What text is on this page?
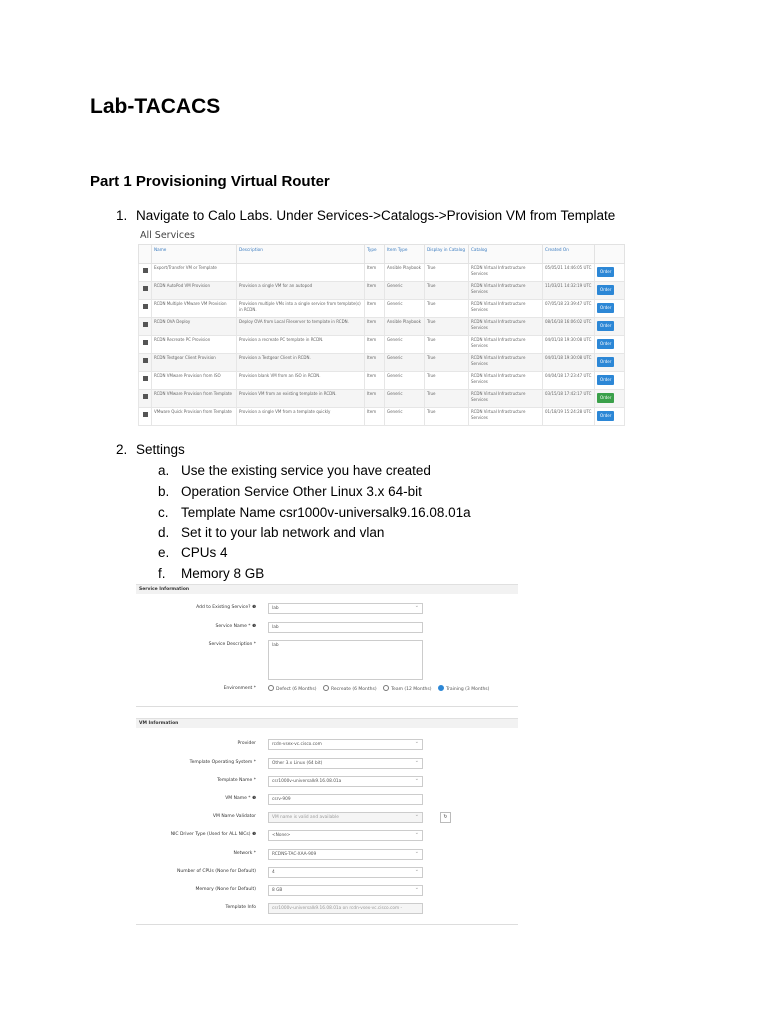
Lab-TACACS
Part 1 Provisioning Virtual Router
1. Navigate to Calo Labs. Under Services->Catalogs->Provision VM from Template
All Services
	Name	Description	Type	Item Type	Display in Catalog	Catalog	Created On	
	Export/Transfer VM or Template		Item	Ansible Playbook	True	RCDN Virtual Infrastructure Services	05/05/21 14:46:05 UTC	Order
	RCDN AutoPod VM Provision	Provision a single VM for an autopod	Item	Generic	True	RCDN Virtual Infrastructure Services	11/03/21 14:32:19 UTC	Order
	RCDN Multiple VMware VM Provision	Provision multiple VMs into a single service from template(s) in RCDN.	Item	Generic	True	RCDN Virtual Infrastructure Services	07/05/18 23:39:47 UTC	Order
	RCDN OVA Deploy	Deploy OVA from Local Fileserver to template in RCDN.	Item	Ansible Playbook	True	RCDN Virtual Infrastructure Services	08/16/18 16:06:02 UTC	Order
	RCDN Recreate PC Provision	Provision a recreate PC template in RCDN.	Item	Generic	True	RCDN Virtual Infrastructure Services	04/01/18 19:30:08 UTC	Order
	RCDN Testgear Client Provision	Provision a Testgear Client in RCDN.	Item	Generic	True	RCDN Virtual Infrastructure Services	04/01/18 19:30:08 UTC	Order
	RCDN VMware Provision from ISO	Provision blank VM from an ISO in RCDN.	Item	Generic	True	RCDN Virtual Infrastructure Services	04/04/18 17:23:47 UTC	Order
	RCDN VMware Provision from Template	Provision VM from an existing template in RCDN.	Item	Generic	True	RCDN Virtual Infrastructure Services	03/15/18 17:42:17 UTC	Order
	VMware Quick Provision from Template	Provision a single VM from a template quickly	Item	Generic	True	RCDN Virtual Infrastructure Services	01/18/19 15:24:28 UTC	Order
2. Settings
a. Use the existing service you have created
b. Operation Service Other Linux 3.x 64-bit
c. Template Name csr1000v-universalk9.16.08.01a
d. Set it to your lab network and vlan
e. CPUs 4
f. Memory 8 GB
Service Information
Add to Existing Service? ❶	lab ⌄
Service Name * ❶	lab
Service Description *	lab
Environment *	Defect (6 Months)	Recreate (6 Months)	Team (12 Months)	Training (3 Months)
VM Information
Provider	rcdn-vsex-vc.cisco.com ⌄
Template Operating System *	Other 3.x Linux (64 bit) ⌄
Template Name *	csr1000v-universalk9.16.08.01a ⌄
VM Name * ❶	csrv-909
VM Name Validator	VM name is valid and available ⌄	↻
NIC Driver Type (Used for ALL NICs) ❶	<None> ⌄
Network *	RCDNS-TAC-XAA-909 ⌄
Number of CPUs (None for Default)	4 ⌄
Memory (None for Default)	8 GB ⌄
Template Info	csr1000v-universalk9.16.08.01a on rcdn-vsex-vc.cisco.com -
